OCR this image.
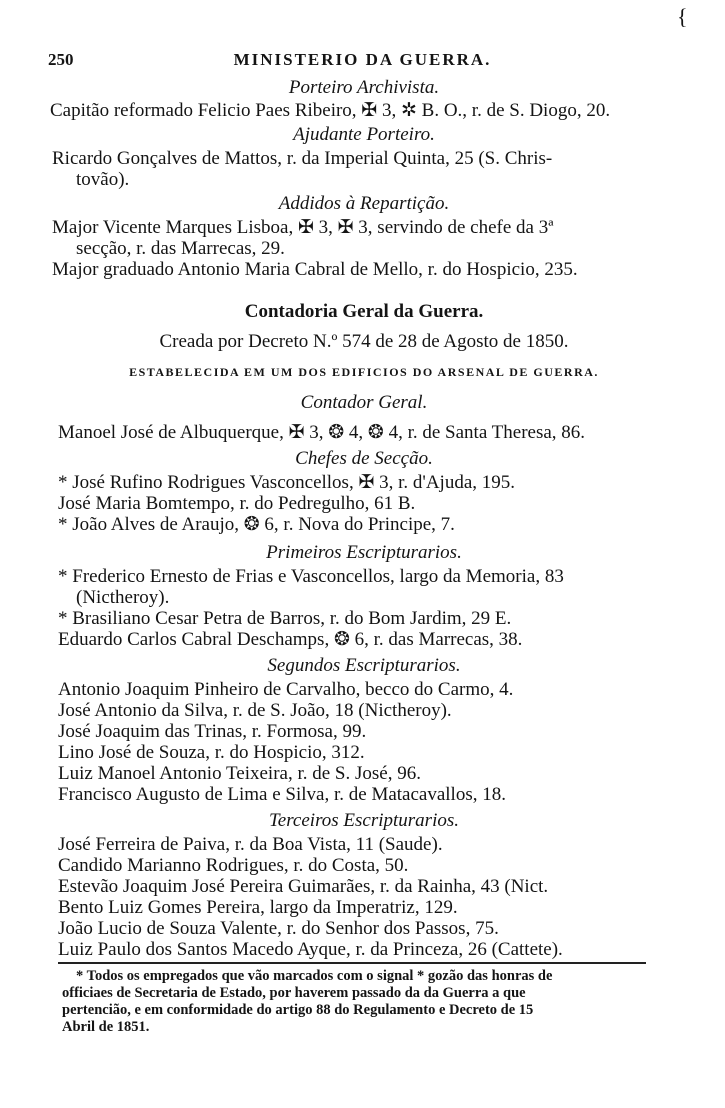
{
250	MINISTERIO DA GUERRA.
Porteiro Archivista.
Capitão reformado Felicio Paes Ribeiro, ✠ 3, ✲ B. O., r. de S. Diogo, 20.
Ajudante Porteiro.
Ricardo Gonçalves de Mattos, r. da Imperial Quinta, 25 (S. Chris-
tovão).
Addidos à Repartição.
Major Vicente Marques Lisboa, ✠ 3, ✠ 3, servindo de chefe da 3ª
secção, r. das Marrecas, 29.
Major graduado Antonio Maria Cabral de Mello, r. do Hospicio, 235.
Contadoria Geral da Guerra.
Creada por Decreto N.º 574 de 28 de Agosto de 1850.
ESTABELECIDA EM UM DOS EDIFICIOS DO ARSENAL DE GUERRA.
Contador Geral.
Manoel José de Albuquerque, ✠ 3, ❂ 4, ❂ 4, r. de Santa Theresa, 86.
Chefes de Secção.
* José Rufino Rodrigues Vasconcellos, ✠ 3, r. d'Ajuda, 195.
José Maria Bomtempo, r. do Pedregulho, 61 B.
* João Alves de Araujo, ❂ 6, r. Nova do Principe, 7.
Primeiros Escripturarios.
* Frederico Ernesto de Frias e Vasconcellos, largo da Memoria, 83
(Nictheroy).
* Brasiliano Cesar Petra de Barros, r. do Bom Jardim, 29 E.
Eduardo Carlos Cabral Deschamps, ❂ 6, r. das Marrecas, 38.
Segundos Escripturarios.
Antonio Joaquim Pinheiro de Carvalho, becco do Carmo, 4.
José Antonio da Silva, r. de S. João, 18 (Nictheroy).
José Joaquim das Trinas, r. Formosa, 99.
Lino José de Souza, r. do Hospicio, 312.
Luiz Manoel Antonio Teixeira, r. de S. José, 96.
Francisco Augusto de Lima e Silva, r. de Matacavallos, 18.
Terceiros Escripturarios.
José Ferreira de Paiva, r. da Boa Vista, 11 (Saude).
Candido Marianno Rodrigues, r. do Costa, 50.
Estevão Joaquim José Pereira Guimarães, r. da Rainha, 43 (Nict.
Bento Luiz Gomes Pereira, largo da Imperatriz, 129.
João Lucio de Souza Valente, r. do Senhor dos Passos, 75.
Luiz Paulo dos Santos Macedo Ayque, r. da Princeza, 26 (Cattete).
* Todos os empregados que vão marcados com o signal * gozão das honras de
officiaes de Secretaria de Estado, por haverem passado da da Guerra a que
pertencião, e em conformidade do artigo 88 do Regulamento e Decreto de 15
Abril de 1851.
